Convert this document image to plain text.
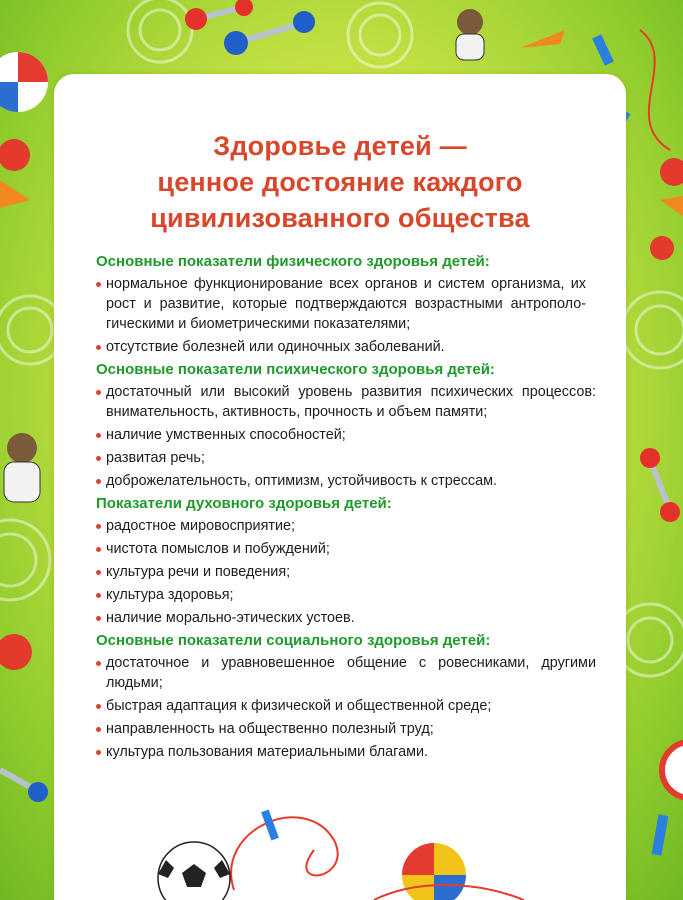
Здоровье детей —
ценное достояние каждого
цивилизованного общества
Основные показатели физического здоровья детей:
нормальное функционирование всех органов и систем организма, их рост и развитие, которые подтверждаются возрастными антрополо-гическими и биометрическими показателями;
отсутствие болезней или одиночных заболеваний.
Основные показатели психического здоровья детей:
достаточный или высокий уровень развития психических процессов: внимательность, активность, прочность и объем памяти;
наличие умственных способностей;
развитая речь;
доброжелательность, оптимизм, устойчивость к стрессам.
Показатели духовного здоровья детей:
радостное мировосприятие;
чистота помыслов и побуждений;
культура речи и поведения;
культура здоровья;
наличие морально-этических устоев.
Основные показатели социального здоровья детей:
достаточное и уравновешенное общение с ровесниками, другими людьми;
быстрая адаптация к физической и общественной среде;
направленность на общественно полезный труд;
культура пользования материальными благами.
